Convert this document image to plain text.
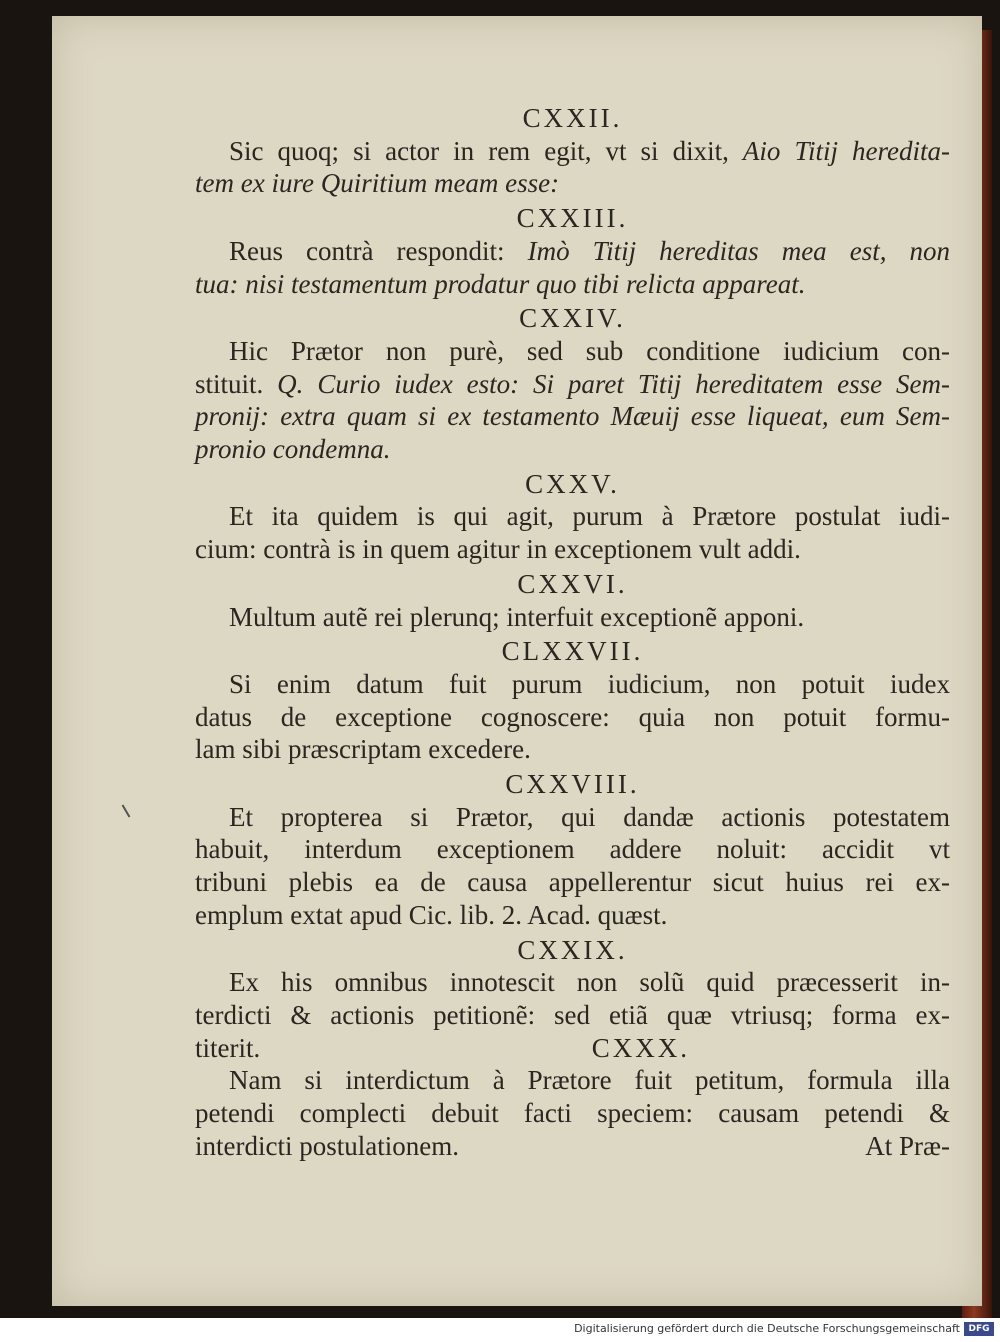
CXXII.
Sic quoq; si actor in rem egit, vt si dixit, Aio Titij heredita-
tem ex iure Quiritium meam esse:
CXXIII.
Reus contrà respondit: Imò Titij hereditas mea est, non
tua: nisi testamentum prodatur quo tibi relicta appareat.
CXXIV.
Hic Prætor non purè, sed sub conditione iudicium con-
stituit. Q. Curio iudex esto: Si paret Titij hereditatem esse Sem-
pronij: extra quam si ex testamento Mæuij esse liqueat, eum Sem-
pronio condemna.
CXXV.
Et ita quidem is qui agit, purum à Prætore postulat iudi-
cium: contrà is in quem agitur in exceptionem vult addi.
CXXVI.
Multum autẽ rei plerunq; interfuit exceptionẽ apponi.
CLXXVII.
Si enim datum fuit purum iudicium, non potuit iudex
datus de exceptione cognoscere: quia non potuit formu-
lam sibi præscriptam excedere.
CXXVIII.
Et propterea si Prætor, qui dandæ actionis potestatem
habuit, interdum exceptionem addere noluit: accidit vt
tribuni plebis ea de causa appellerentur sicut huius rei ex-
emplum extat apud Cic. lib. 2. Acad. quæst.
CXXIX.
Ex his omnibus innotescit non solũ quid præcesserit in-
terdicti & actionis petitionẽ: sed etiã quæ vtriusq; forma ex-
titerit.	CXXX.
Nam si interdictum à Prætore fuit petitum, formula illa
petendi complecti debuit facti speciem: causam petendi &
interdicti postulationem.	At Præ-
Digitalisierung gefördert durch die Deutsche Forschungsgemeinschaft DFG
